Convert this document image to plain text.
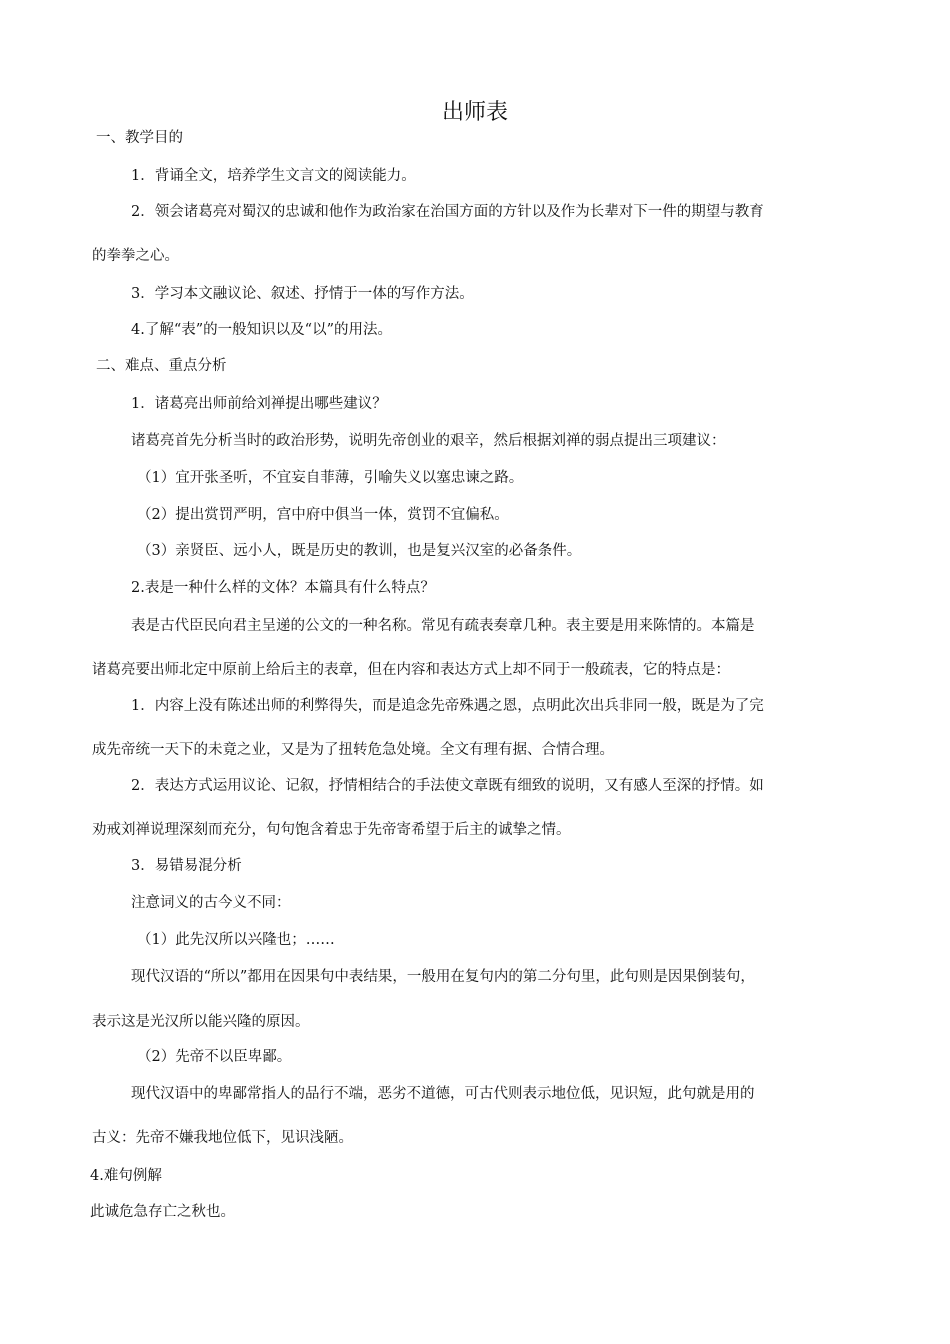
出师表
一、教学目的
1．背诵全文，培养学生文言文的阅读能力。
2．领会诸葛亮对蜀汉的忠诚和他作为政治家在治国方面的方针以及作为长辈对下一件的期望与教育
的拳拳之心。
3．学习本文融议论、叙述、抒情于一体的写作方法。
4.了解“表”的一般知识以及“以”的用法。
二、难点、重点分析
1．诸葛亮出师前给刘禅提出哪些建议？
诸葛亮首先分析当时的政治形势，说明先帝创业的艰辛，然后根据刘禅的弱点提出三项建议：
（1）宜开张圣听，不宜妄自菲薄，引喻失义以塞忠谏之路。
（2）提出赏罚严明，宫中府中俱当一体，赏罚不宜偏私。
（3）亲贤臣、远小人，既是历史的教训，也是复兴汉室的必备条件。
2.表是一种什么样的文体？本篇具有什么特点？
表是古代臣民向君主呈递的公文的一种名称。常见有疏表奏章几种。表主要是用来陈情的。本篇是
诸葛亮要出师北定中原前上给后主的表章，但在内容和表达方式上却不同于一般疏表，它的特点是：
1．内容上没有陈述出师的利弊得失，而是追念先帝殊遇之恩，点明此次出兵非同一般，既是为了完
成先帝统一天下的未竟之业，又是为了扭转危急处境。全文有理有据、合情合理。
2．表达方式运用议论、记叙，抒情相结合的手法使文章既有细致的说明，又有感人至深的抒情。如
劝戒刘禅说理深刻而充分，句句饱含着忠于先帝寄希望于后主的诚挚之情。
3．易错易混分析
注意词义的古今义不同：
（1）此先汉所以兴隆也；……
现代汉语的“所以”都用在因果句中表结果，一般用在复句内的第二分句里，此句则是因果倒装句，
表示这是光汉所以能兴隆的原因。
（2）先帝不以臣卑鄙。
现代汉语中的卑鄙常指人的品行不端，恶劣不道德，可古代则表示地位低，见识短，此句就是用的
古义：先帝不嫌我地位低下，见识浅陋。
4.难句例解
此诚危急存亡之秋也。
